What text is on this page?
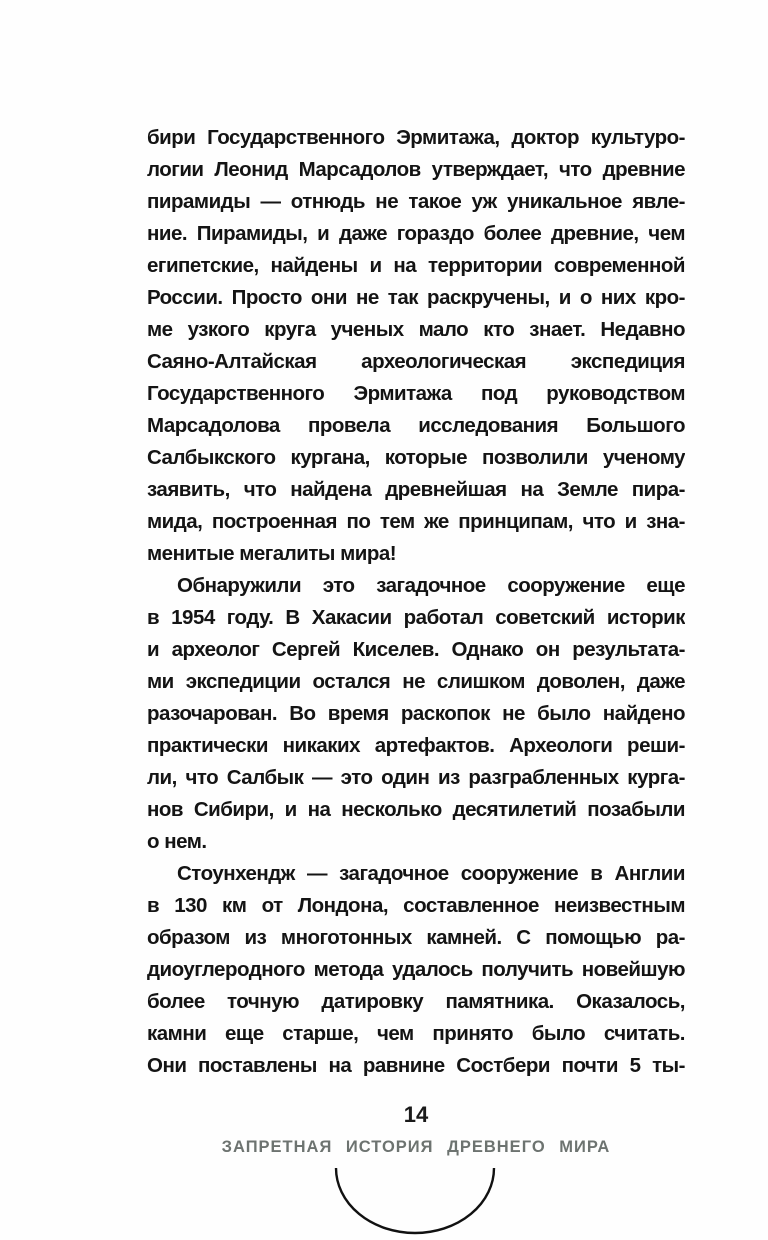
бири Государственного Эрмитажа, доктор культуро-
логии Леонид Марсадолов утверждает, что древние
пирамиды — отнюдь не такое уж уникальное явле-
ние. Пирамиды, и даже гораздо более древние, чем
египетские, найдены и на территории современной
России. Просто они не так раскручены, и о них кро-
ме узкого круга ученых мало кто знает. Недавно
Саяно-Алтайская археологическая экспедиция
Государственного Эрмитажа под руководством
Марсадолова провела исследования Большого
Салбыкского кургана, которые позволили ученому
заявить, что найдена древнейшая на Земле пира-
мида, построенная по тем же принципам, что и зна-
менитые мегалиты мира!
Обнаружили это загадочное сооружение еще
в 1954 году. В Хакасии работал советский историк
и археолог Сергей Киселев. Однако он результата-
ми экспедиции остался не слишком доволен, даже
разочарован. Во время раскопок не было найдено
практически никаких артефактов. Археологи реши-
ли, что Салбык — это один из разграбленных курга-
нов Сибири, и на несколько десятилетий позабыли
о нем.
Стоунхендж — загадочное сооружение в Англии
в 130 км от Лондона, составленное неизвестным
образом из многотонных камней. С помощью ра-
диоуглеродного метода удалось получить новейшую
более точную датировку памятника. Оказалось,
камни еще старше, чем принято было считать.
Они поставлены на равнине Состбери почти 5 ты-
14
ЗАПРЕТНАЯ ИСТОРИЯ ДРЕВНЕГО МИРА
